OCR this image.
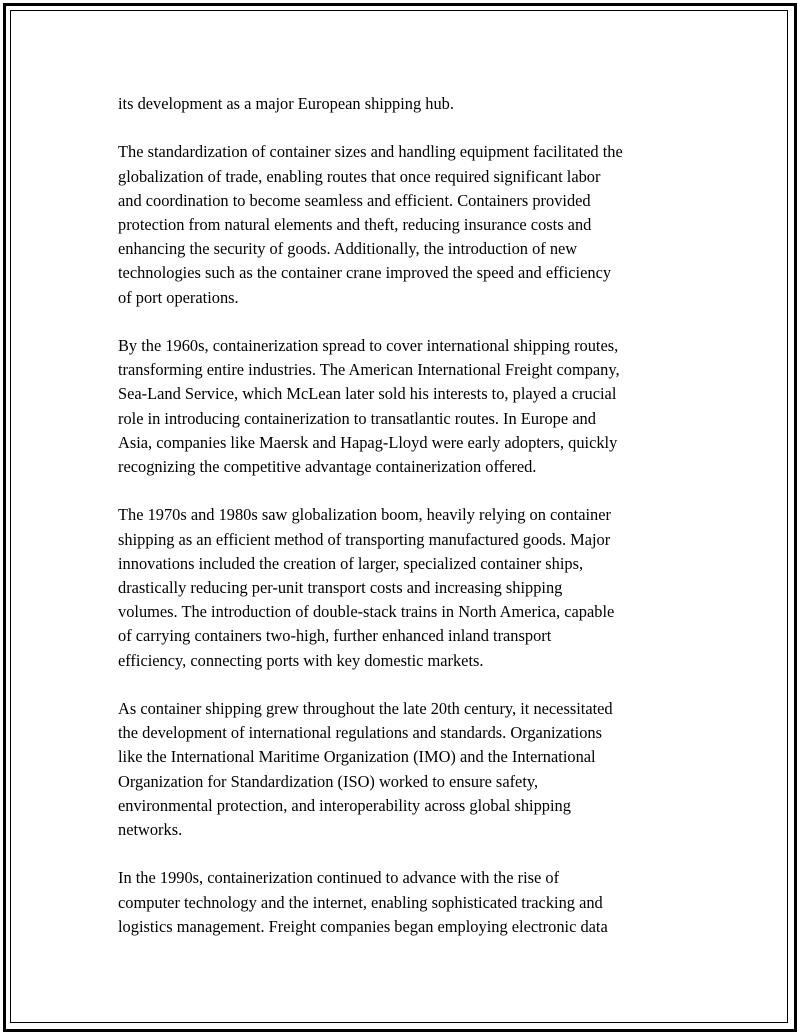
its development as a major European shipping hub.

The standardization of container sizes and handling equipment facilitated the
globalization of trade, enabling routes that once required significant labor
and coordination to become seamless and efficient. Containers provided
protection from natural elements and theft, reducing insurance costs and
enhancing the security of goods. Additionally, the introduction of new
technologies such as the container crane improved the speed and efficiency
of port operations.

By the 1960s, containerization spread to cover international shipping routes,
transforming entire industries. The American International Freight company,
Sea-Land Service, which McLean later sold his interests to, played a crucial
role in introducing containerization to transatlantic routes. In Europe and
Asia, companies like Maersk and Hapag-Lloyd were early adopters, quickly
recognizing the competitive advantage containerization offered.

The 1970s and 1980s saw globalization boom, heavily relying on container
shipping as an efficient method of transporting manufactured goods. Major
innovations included the creation of larger, specialized container ships,
drastically reducing per-unit transport costs and increasing shipping
volumes. The introduction of double-stack trains in North America, capable
of carrying containers two-high, further enhanced inland transport
efficiency, connecting ports with key domestic markets.

As container shipping grew throughout the late 20th century, it necessitated
the development of international regulations and standards. Organizations
like the International Maritime Organization (IMO) and the International
Organization for Standardization (ISO) worked to ensure safety,
environmental protection, and interoperability across global shipping
networks.

In the 1990s, containerization continued to advance with the rise of
computer technology and the internet, enabling sophisticated tracking and
logistics management. Freight companies began employing electronic data
